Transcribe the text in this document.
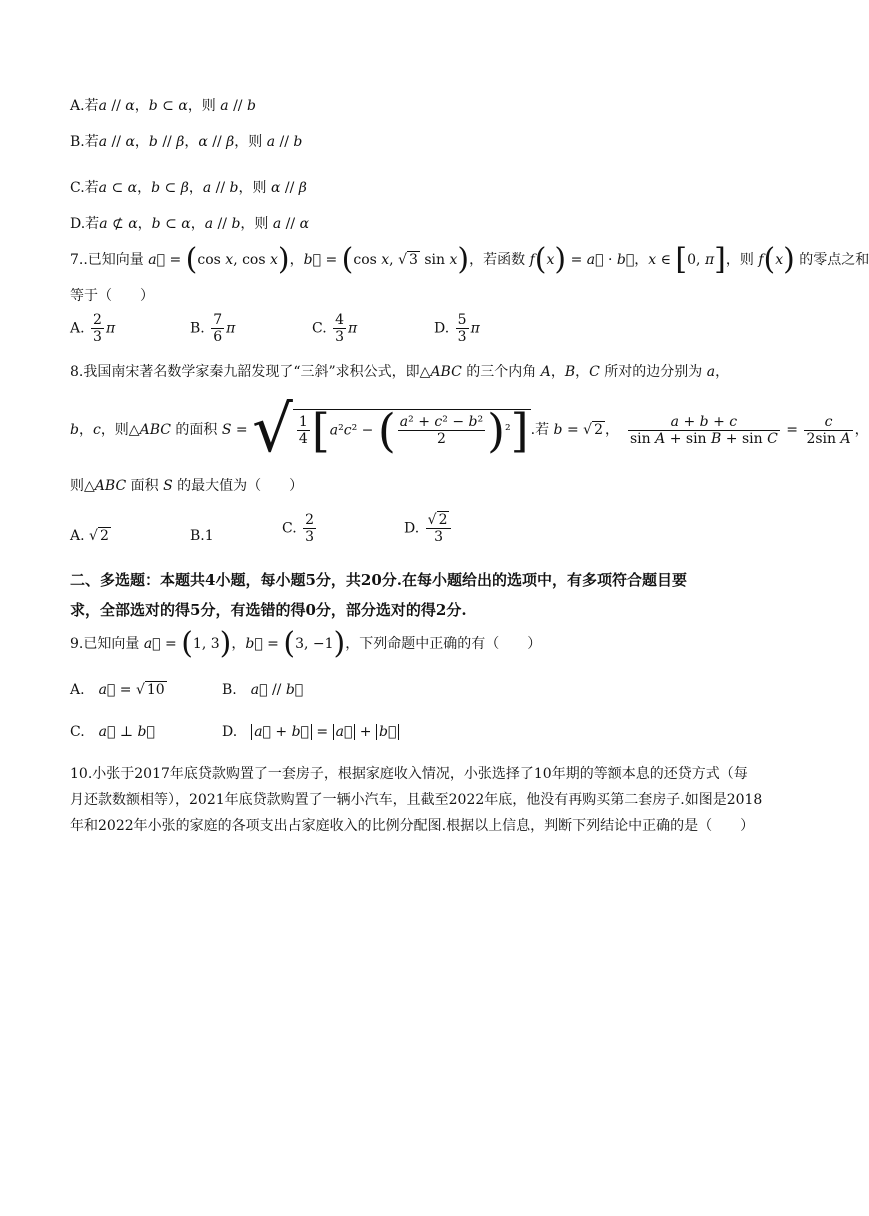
A.若a // α，b ⊂ α，则 a // b
B.若a // α，b // β，α // β，则 a // b
C.若a ⊂ α，b ⊂ β，a // b，则 α // β
D.若a ⊄ α，b ⊂ α，a // b，则 a // α
7..已知向量 a⃗ = (cos x, cos x)，b⃗ = (cos x, √ 3 sin x)，若函数 f(x) = a⃗ · b⃗，x ∈ [0, π]，则 f(x) 的零点之和
等于（　　）
A. $\frac{2}{3}$ π	B. $\frac{7}{6}$ π	C. $\frac{4}{3}$ π	D. $\frac{5}{3}$ π
8.我国南宋著名数学家秦九韶发现了“三斜”求积公式，即△ABC 的三个内角 A，B，C 所对的边分别为 a，
b，c，则△ABC 的面积 S = √ $\frac{1}{4} [a^2c^2$ − ( $\frac{\text{a² + c² − b²}}{2} )^2$] .若 b = √ 2 ，　 $\frac{a + b + c}{\text{sin A + sin B + sin C}} = \frac{c}{\text{2sin A}}$ ，
则△ABC 面积 S 的最大值为（　　）
A. √ 2	B.1	C. $\frac{2}{3}$	D. $\frac{√ 2}{3}$
二、多选题：本题共4小题，每小题5分，共20分.在每小题给出的选项中，有多项符合题目要
求，全部选对的得5分，有选错的得0分，部分选对的得2分.
9.已知向量 a⃗ = (1, 3)，b⃗ = (3, −1)，下列命题中正确的有（　　）
A.　a⃗ = √ 10	B.　a⃗ // b⃗
C.　a⃗ ⊥ b⃗	D.　a⃗ + b⃗ = a⃗ + b⃗
10.小张于2017年底贷款购置了一套房子，根据家庭收入情况，小张选择了10年期的等额本息的还贷方式（每
月还款数额相等），2021年底贷款购置了一辆小汽车，且截至2022年底，他没有再购买第二套房子.如图是2018
年和2022年小张的家庭的各项支出占家庭收入的比例分配图.根据以上信息，判断下列结论中正确的是（　　）
